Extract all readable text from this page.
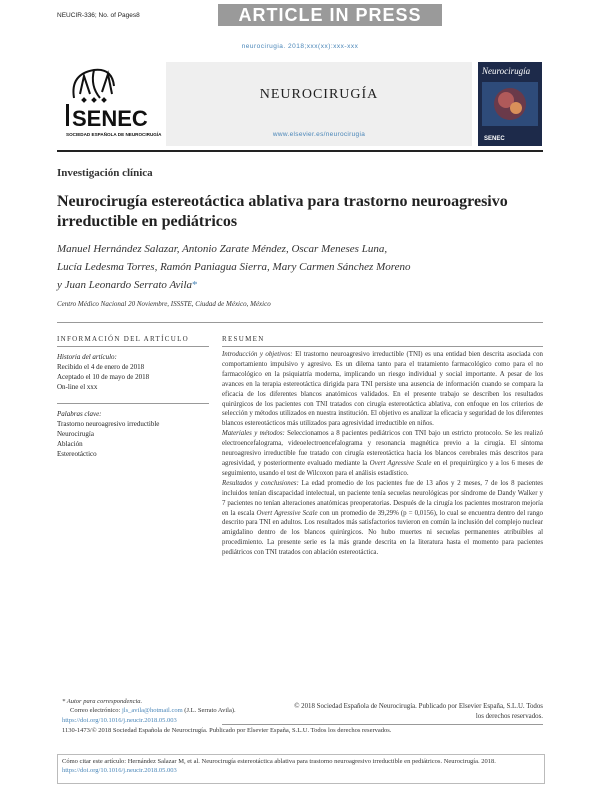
NEUCIR-336; No. of Pages8	ARTICLE IN PRESS
neurocirugia. 2018;xxx(xx):xxx-xxx
SENEC
SOCIEDAD ESPAÑOLA DE NEUROCIRUGÍA
NEUROCIRUGÍA
www.elsevier.es/neurocirugia
SENEC
Neurocirugía
Investigación clínica
Neurocirugía estereotáctica ablativa para trastorno neuroagresivo irreductible en pediátricos
Manuel Hernández Salazar, Antonio Zarate Méndez, Oscar Meneses Luna,
Lucía Ledesma Torres, Ramón Paniagua Sierra, Mary Carmen Sánchez Moreno
y Juan Leonardo Serrato Avila*
Centro Médico Nacional 20 Noviembre, ISSSTE, Ciudad de México, México
INFORMACIÓN DEL ARTÍCULO
Historia del artículo:
Recibido el 4 de enero de 2018
Aceptado el 10 de mayo de 2018
On-line el xxx
Palabras clave:
Trastorno neuroagresivo irreductible
Neurocirugía
Ablación
Estereotáctico
RESUMEN

Introducción y objetivos: El trastorno neuroagresivo irreductible (TNI) es una entidad bien descrita asociada con comportamiento impulsivo y agresivo. Es un dilema tanto para el tratamiento farmacológico como para el no farmacológico en la psiquiatría moderna, implicando un riesgo individual y social importante. A pesar de los avances en la terapia estereotáctica dirigida para TNI persiste una ausencia de información cuando se compara la eficacia de los diferentes blancos anatómicos validados. En el presente trabajo se describen los resultados quirúrgicos de los pacientes con TNI tratados con cirugía estereotáctica ablativa, con enfoque en los criterios de selección y métodos utilizados en nuestra institución. El objetivo es analizar la eficacia y seguridad de los diferentes blancos estereotácticos más utilizados para agresividad irreductible en niños.

Materiales y métodos: Seleccionamos a 8 pacientes pediátricos con TNI bajo un estricto protocolo. Se les realizó electroencefalograma, videoelectroencefalograma y resonancia magnética previo a la cirugía. El síntoma neuroagresivo irreductible fue tratado con cirugía estereotáctica hacia los blancos cerebrales más descritos para agresividad, y posteriormente evaluado mediante la Overt Agressive Scale en el prequirúrgico y a los 6 meses de seguimiento, usando el test de Wilcoxon para el análisis estadístico.

Resultados y conclusiones: La edad promedio de los pacientes fue de 13 años y 2 meses, 7 de los 8 pacientes incluidos tenían discapacidad intelectual, un paciente tenía secuelas neurológicas por síndrome de Dandy Walker y 7 pacientes no tenían alteraciones anatómicas preoperatorias. Después de la cirugía los pacientes mostraron mejoría en la escala Overt Agressive Scale con un promedio de 39,29% (p = 0,0156), lo cual se encuentra dentro del rango descrito para TNI en adultos. Los resultados más satisfactorios tuvieron en común la inclusión del complejo nuclear amigdalino dentro de los blancos quirúrgicos. No hubo muertes ni secuelas permanentes atribuibles al procedimiento. La presente serie es la más grande descrita en la literatura hasta el momento para pacientes pediátricos con TNI tratados con ablación estereotáctica.

© 2018 Sociedad Española de Neurocirugía. Publicado por Elsevier España, S.L.U. Todos
los derechos reservados.
* Autor para correspondencia.
Correo electrónico: jls_avila@hotmail.com (J.L. Serrato Avila).
https://doi.org/10.1016/j.neucir.2018.05.003
1130-1473/© 2018 Sociedad Española de Neurocirugía. Publicado por Elsevier España, S.L.U. Todos los derechos reservados.
Cómo citar este artículo: Hernández Salazar M, et al. Neurocirugía estereotáctica ablativa para trastorno neuroagresivo irreductible en pediátricos. Neurocirugía. 2018. https://doi.org/10.1016/j.neucir.2018.05.003
